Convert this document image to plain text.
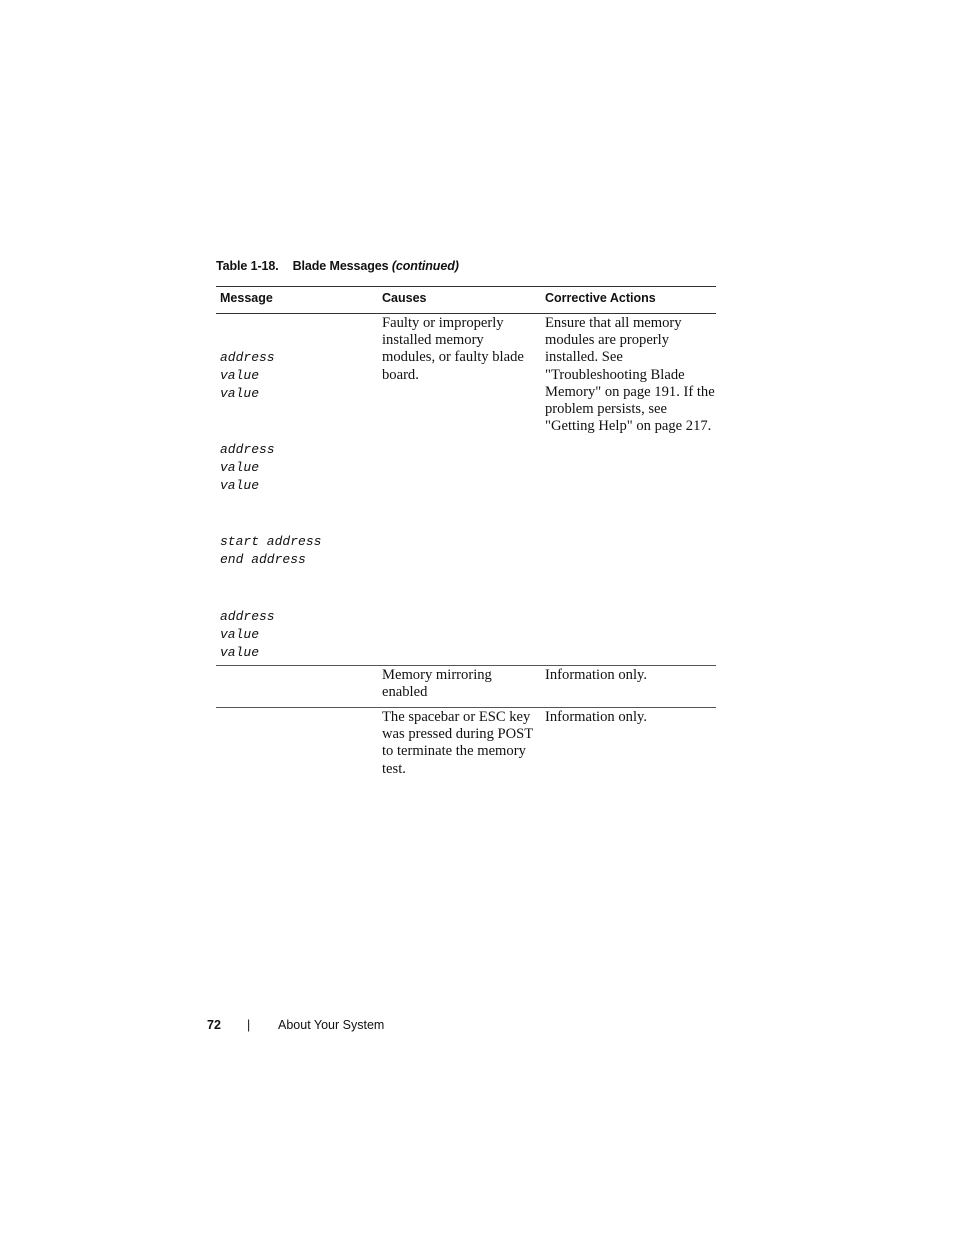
Table 1-18. Blade Messages (continued)
Message	Causes	Corrective Actions
address
value
value
address
value
value
start address
end address
address
value
value
Faulty or improperly installed memory modules, or faulty blade board.
Ensure that all memory modules are properly installed. See "Troubleshooting Blade Memory" on page 191. If the problem persists, see "Getting Help" on page 217.
Memory mirroring enabled
Information only.
The spacebar or ESC key was pressed during POST to terminate the memory test.
Information only.
72 | About Your System
